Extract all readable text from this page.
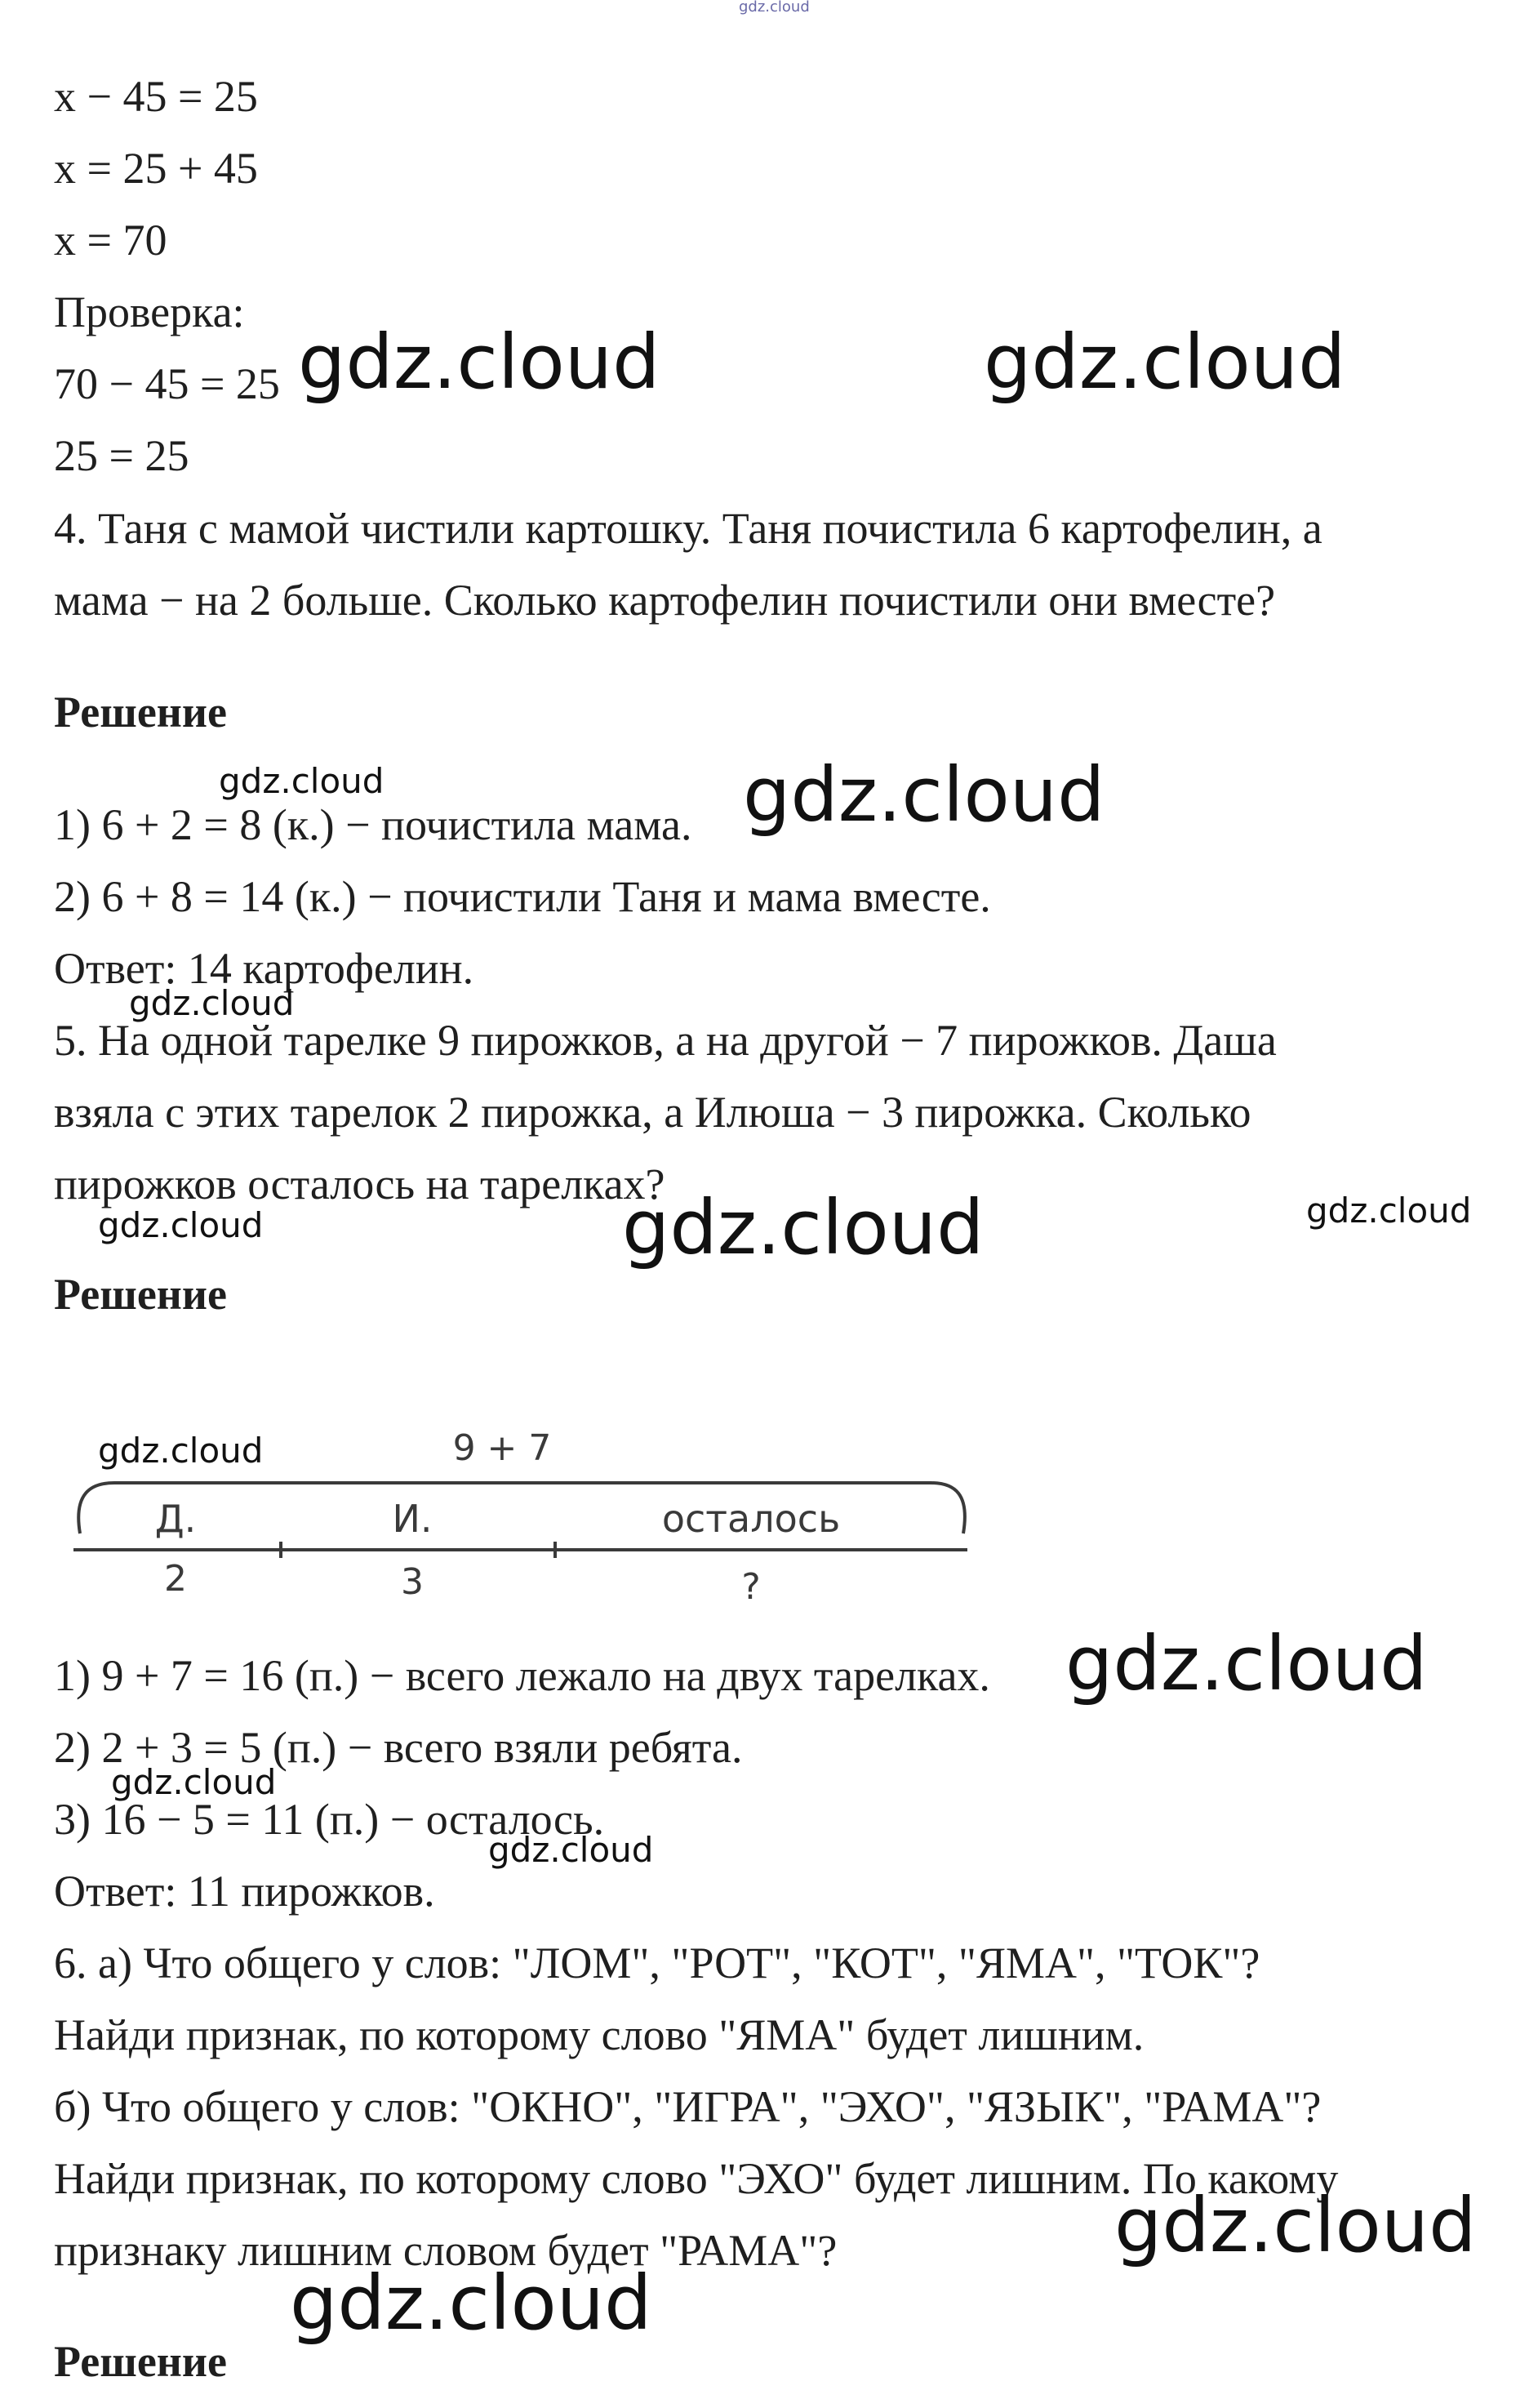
gdz.cloud
x − 45 = 25
x = 25 + 45
x = 70
Проверка:
70 − 45 = 25
25 = 25
4. Таня с мамой чистили картошку. Таня почистила 6 картофелин, а
мама − на 2 больше. Сколько картофелин почистили они вместе?
Решение
1) 6 + 2 = 8 (к.) − почистила мама.
2) 6 + 8 = 14 (к.) − почистили Таня и мама вместе.
Ответ: 14 картофелин.
5. На одной тарелке 9 пирожков, а на другой − 7 пирожков. Даша
взяла с этих тарелок 2 пирожка, а Илюша − 3 пирожка. Сколько
пирожков осталось на тарелках?
Решение
1) 9 + 7 = 16 (п.) − всего лежало на двух тарелках.
2) 2 + 3 = 5 (п.) − всего взяли ребята.
3) 16 − 5 = 11 (п.) − осталось.
Ответ: 11 пирожков.
6. а) Что общего у слов: "ЛОМ", "РОТ", "КОТ", "ЯМА", "ТОК"?
Найди признак, по которому слово "ЯМА" будет лишним.
б) Что общего у слов: "ОКНО", "ИГРА", "ЭХО", "ЯЗЫК", "РАМА"?
Найди признак, по которому слово "ЭХО" будет лишним. По какому
признаку лишним словом будет "РАМА"?
Решение
9 + 7
Д.	И.	осталось
2	3	?
gdz.cloud	gdz.cloud
gdz.cloud	gdz.cloud
gdz.cloud
gdz.cloud
gdz.cloud	gdz.cloud
gdz.cloud
gdz.cloud
gdz.cloud
gdz.cloud
gdz.cloud
gdz.cloud
